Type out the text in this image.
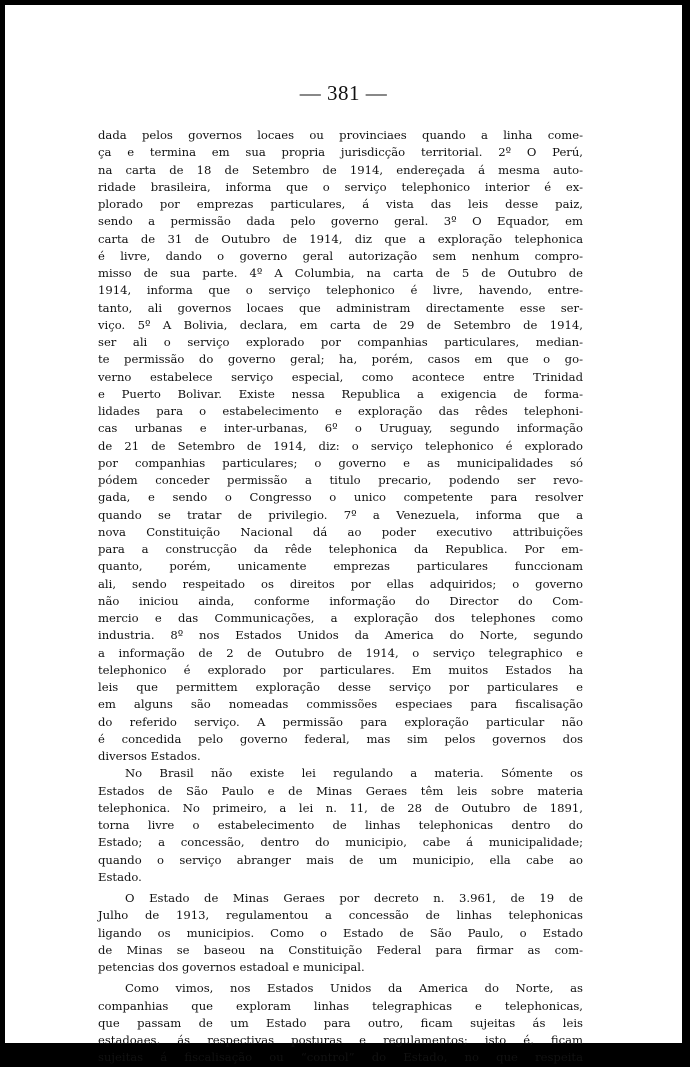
— 381 —
dada pelos governos locaes ou provinciaes quando a linha come-
ça e termina em sua propria jurisdicção territorial. 2º O Perú,
na carta de 18 de Setembro de 1914, endereçada á mesma auto-
ridade brasileira, informa que o serviço telephonico interior é ex-
plorado por emprezas particulares, á vista das leis desse paiz,
sendo a permissão dada pelo governo geral. 3º O Equador, em
carta de 31 de Outubro de 1914, diz que a exploração telephonica
é livre, dando o governo geral autorização sem nenhum compro-
misso de sua parte. 4º A Columbia, na carta de 5 de Outubro de
1914, informa que o serviço telephonico é livre, havendo, entre-
tanto, ali governos locaes que administram directamente esse ser-
viço. 5º A Bolivia, declara, em carta de 29 de Setembro de 1914,
ser ali o serviço explorado por companhias particulares, median-
te permissão do governo geral; ha, porém, casos em que o go-
verno estabelece serviço especial, como acontece entre Trinidad
e Puerto Bolivar. Existe nessa Republica a exigencia de forma-
lidades para o estabelecimento e exploração das rêdes telephoni-
cas urbanas e inter-urbanas, 6º o Uruguay, segundo informação
de 21 de Setembro de 1914, diz: o serviço telephonico é explorado
por companhias particulares; o governo e as municipalidades só
pódem conceder permissão a titulo precario, podendo ser revo-
gada, e sendo o Congresso o unico competente para resolver
quando se tratar de privilegio. 7º a Venezuela, informa que a
nova Constituição Nacional dá ao poder executivo attribuições
para a construcção da rêde telephonica da Republica. Por em-
quanto, porém, unicamente emprezas particulares funccionam
ali, sendo respeitado os direitos por ellas adquiridos; o governo
não iniciou ainda, conforme informação do Director do Com-
mercio e das Communicações, a exploração dos telephones como
industria. 8º nos Estados Unidos da America do Norte, segundo
a informação de 2 de Outubro de 1914, o serviço telegraphico e
telephonico é explorado por particulares. Em muitos Estados ha
leis que permittem exploração desse serviço por particulares e
em alguns são nomeadas commissões especiaes para fiscalisação
do referido serviço. A permissão para exploração particular não
é concedida pelo governo federal, mas sim pelos governos dos
diversos Estados.
No Brasil não existe lei regulando a materia. Sómente os
Estados de São Paulo e de Minas Geraes têm leis sobre materia
telephonica. No primeiro, a lei n. 11, de 28 de Outubro de 1891,
torna livre o estabelecimento de linhas telephonicas dentro do
Estado; a concessão, dentro do municipio, cabe á municipalidade;
quando o serviço abranger mais de um municipio, ella cabe ao
Estado.
O Estado de Minas Geraes por decreto n. 3.961, de 19 de
Julho de 1913, regulamentou a concessão de linhas telephonicas
ligando os municipios. Como o Estado de São Paulo, o Estado
de Minas se baseou na Constituição Federal para firmar as com-
petencias dos governos estadoal e municipal.
Como vimos, nos Estados Unidos da America do Norte, as
companhias que exploram linhas telegraphicas e telephonicas,
que passam de um Estado para outro, ficam sujeitas ás leis
estadoaes, ás respectivas posturas e regulamentos; isto é, ficam
sujeitas á fiscalisação ou “control” do Estado, no que respeita
